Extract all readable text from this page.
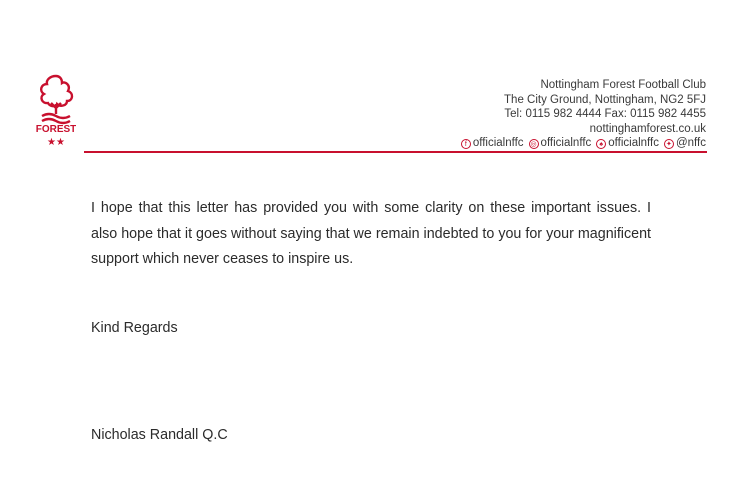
FOREST
★★
Nottingham Forest Football Club
The City Ground, Nottingham, NG2 5FJ
Tel: 0115 982 4444 Fax: 0115 982 4455
nottinghamforest.co.uk
f officialnffc ◎ officialnffc	♠ officialnffc ✦ @nffc
I hope that this letter has provided you with some clarity on these important issues. I also hope that it goes without saying that we remain indebted to you for your magnificent support which never ceases to inspire us.
Kind Regards
Nicholas Randall Q.C
